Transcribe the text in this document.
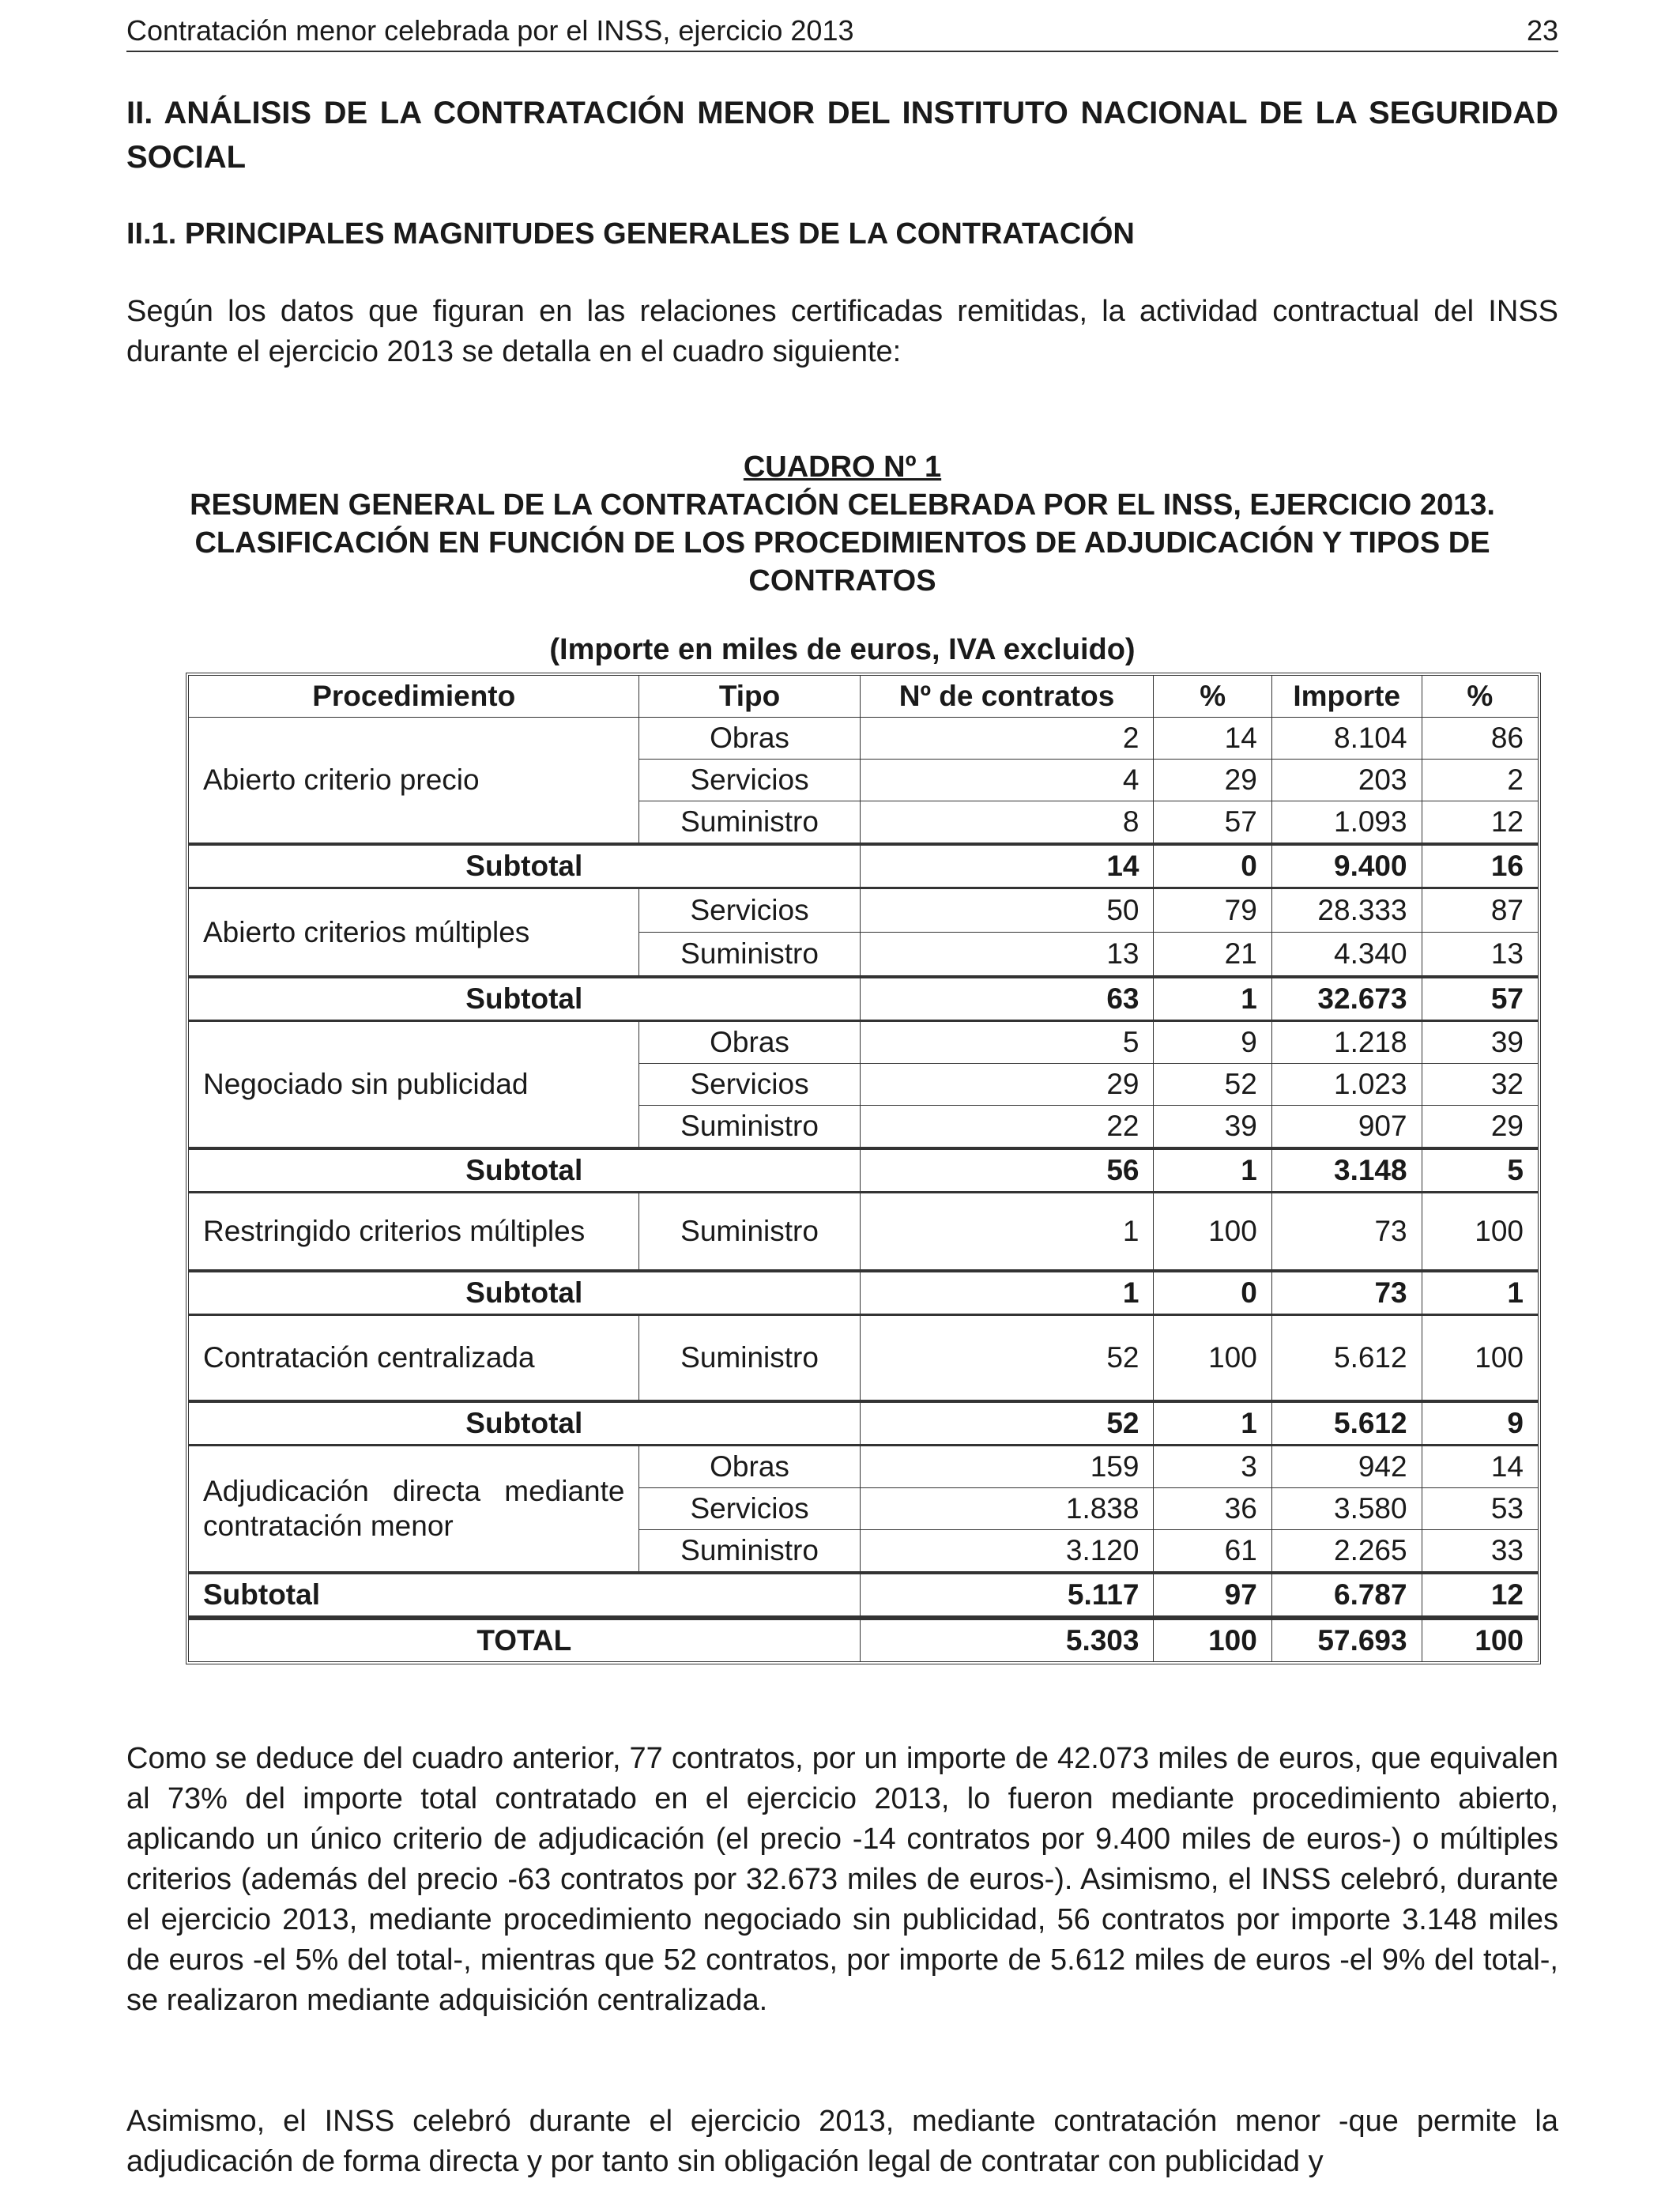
Contratación menor celebrada por el INSS, ejercicio 2013	23
II. ANÁLISIS DE LA CONTRATACIÓN MENOR DEL INSTITUTO NACIONAL DE LA SEGURIDAD SOCIAL
II.1. PRINCIPALES MAGNITUDES GENERALES DE LA CONTRATACIÓN

Según los datos que figuran en las relaciones certificadas remitidas, la actividad contractual del INSS durante el ejercicio 2013 se detalla en el cuadro siguiente:

CUADRO Nº 1
RESUMEN GENERAL DE LA CONTRATACIÓN CELEBRADA POR EL INSS, EJERCICIO 2013.
CLASIFICACIÓN EN FUNCIÓN DE LOS PROCEDIMIENTOS DE ADJUDICACIÓN Y TIPOS DE CONTRATOS
(Importe en miles de euros, IVA excluido)
Procedimiento	Tipo	Nº de contratos	%	Importe	%
Abierto criterio precio	Obras	2	14	8.104	86
	Servicios	4	29	203	2
	Suministro	8	57	1.093	12
Subtotal		14	0	9.400	16
Abierto criterios múltiples	Servicios	50	79	28.333	87
	Suministro	13	21	4.340	13
Subtotal		63	1	32.673	57
Negociado sin publicidad	Obras	5	9	1.218	39
	Servicios	29	52	1.023	32
	Suministro	22	39	907	29
Subtotal		56	1	3.148	5
Restringido criterios múltiples	Suministro	1	100	73	100
Subtotal		1	0	73	1
Contratación centralizada	Suministro	52	100	5.612	100
Subtotal		52	1	5.612	9
Adjudicación directa mediante contratación menor	Obras	159	3	942	14
	Servicios	1.838	36	3.580	53
	Suministro	3.120	61	2.265	33
Subtotal		5.117	97	6.787	12
TOTAL		5.303	100	57.693	100

Como se deduce del cuadro anterior, 77 contratos, por un importe de 42.073 miles de euros, que equivalen al 73% del importe total contratado en el ejercicio 2013, lo fueron mediante procedimiento abierto, aplicando un único criterio de adjudicación (el precio -14 contratos por 9.400 miles de euros-) o múltiples criterios (además del precio -63 contratos por 32.673 miles de euros-). Asimismo, el INSS celebró, durante el ejercicio 2013, mediante procedimiento negociado sin publicidad, 56 contratos por importe 3.148 miles de euros -el 5% del total-, mientras que 52 contratos, por importe de 5.612 miles de euros -el 9% del total-, se realizaron mediante adquisición centralizada.

Asimismo, el INSS celebró durante el ejercicio 2013, mediante contratación menor -que permite la adjudicación de forma directa y por tanto sin obligación legal de contratar con publicidad y
